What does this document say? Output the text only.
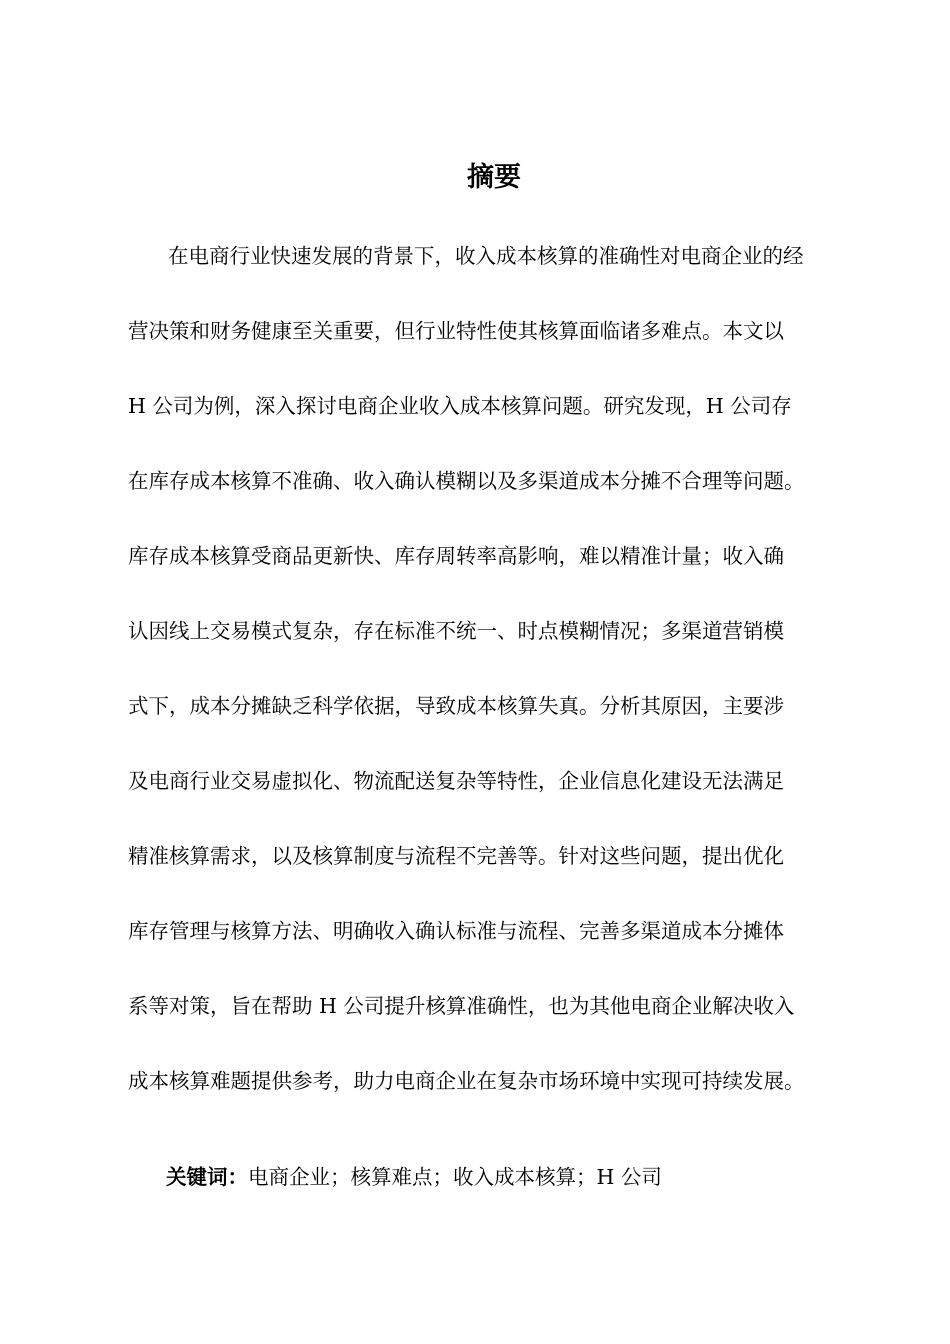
摘要
在电商行业快速发展的背景下，收入成本核算的准确性对电商企业的经
营决策和财务健康至关重要，但行业特性使其核算面临诸多难点。本文以
H 公司为例，深入探讨电商企业收入成本核算问题。研究发现，H 公司存
在库存成本核算不准确、收入确认模糊以及多渠道成本分摊不合理等问题。
库存成本核算受商品更新快、库存周转率高影响，难以精准计量；收入确
认因线上交易模式复杂，存在标准不统一、时点模糊情况；多渠道营销模
式下，成本分摊缺乏科学依据，导致成本核算失真。分析其原因，主要涉
及电商行业交易虚拟化、物流配送复杂等特性，企业信息化建设无法满足
精准核算需求，以及核算制度与流程不完善等。针对这些问题，提出优化
库存管理与核算方法、明确收入确认标准与流程、完善多渠道成本分摊体
系等对策，旨在帮助 H 公司提升核算准确性，也为其他电商企业解决收入
成本核算难题提供参考，助力电商企业在复杂市场环境中实现可持续发展。
关键词：电商企业；核算难点；收入成本核算；H 公司
